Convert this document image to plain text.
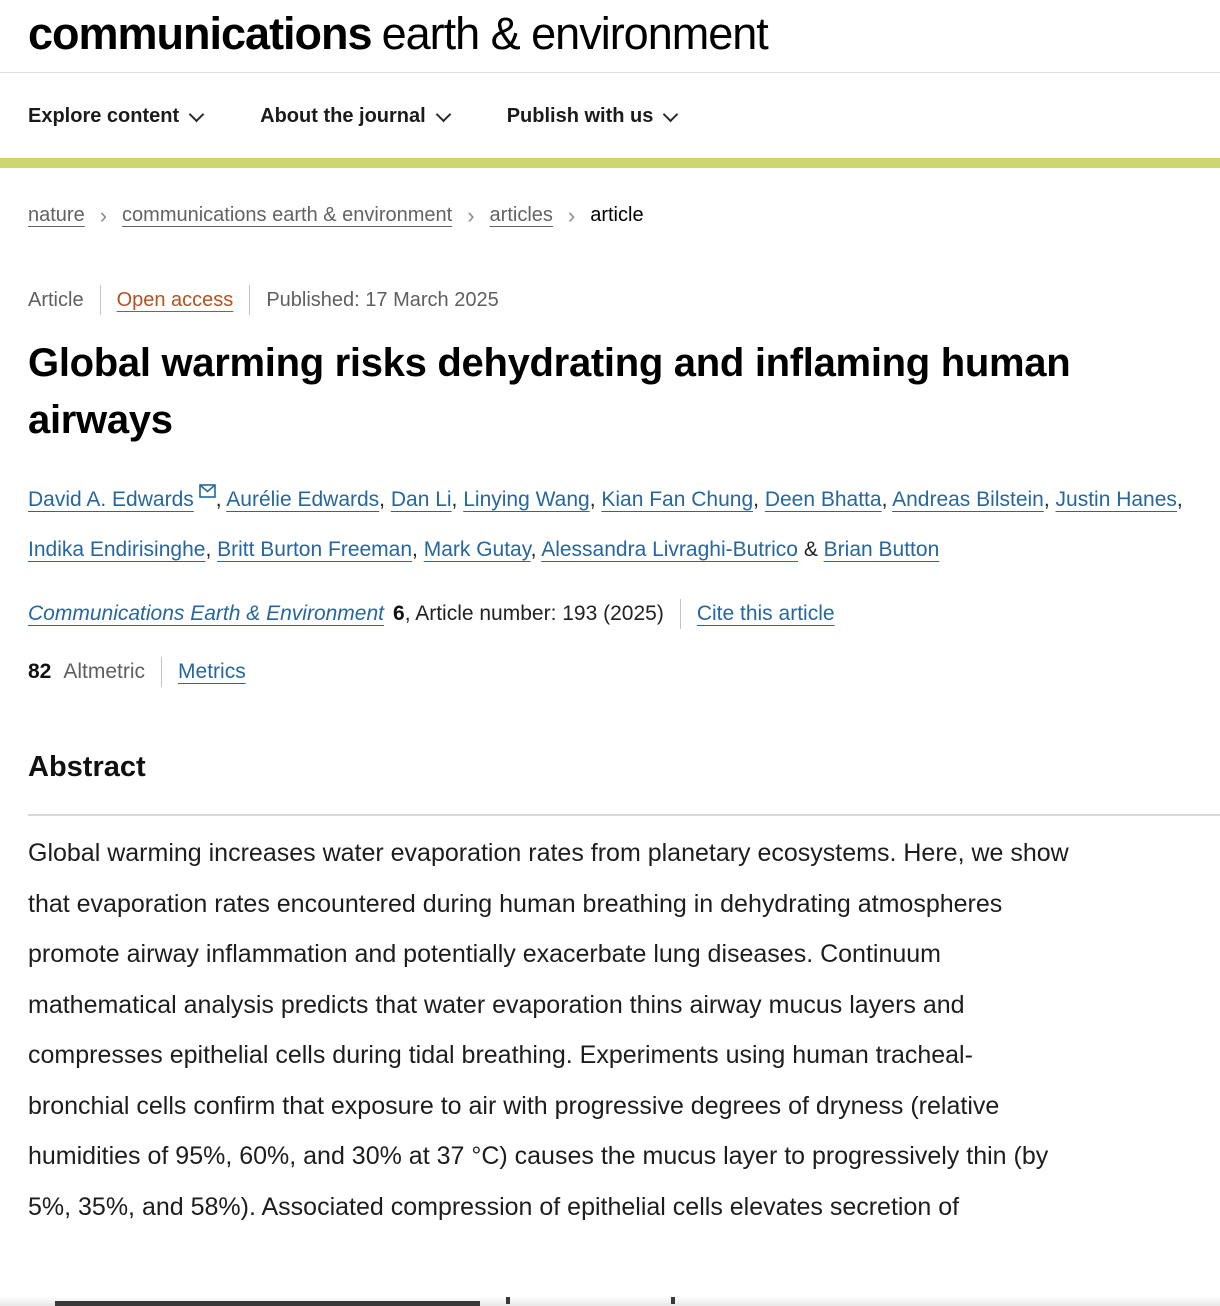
communications earth & environment
Explore content	About the journal	Publish with us
nature › communications earth & environment › articles › article
Article Open access Published: 17 March 2025
Global warming risks dehydrating and inflaming human airways
David A. Edwards , Aurélie Edwards, Dan Li, Linying Wang, Kian Fan Chung, Deen Bhatta, Andreas Bilstein, Justin Hanes, Indika Endirisinghe, Britt Burton Freeman, Mark Gutay, Alessandra Livraghi-Butrico & Brian Button
Communications Earth & Environment 6 , Article number: 193 (2025) Cite this article
82 Altmetric Metrics
Abstract

Global warming increases water evaporation rates from planetary ecosystems. Here, we show
that evaporation rates encountered during human breathing in dehydrating atmospheres
promote airway inflammation and potentially exacerbate lung diseases. Continuum
mathematical analysis predicts that water evaporation thins airway mucus layers and
compresses epithelial cells during tidal breathing. Experiments using human tracheal-
bronchial cells confirm that exposure to air with progressive degrees of dryness (relative
humidities of 95%, 60%, and 30% at 37 °C) causes the mucus layer to progressively thin (by
5%, 35%, and 58%). Associated compression of epithelial cells elevates secretion of
